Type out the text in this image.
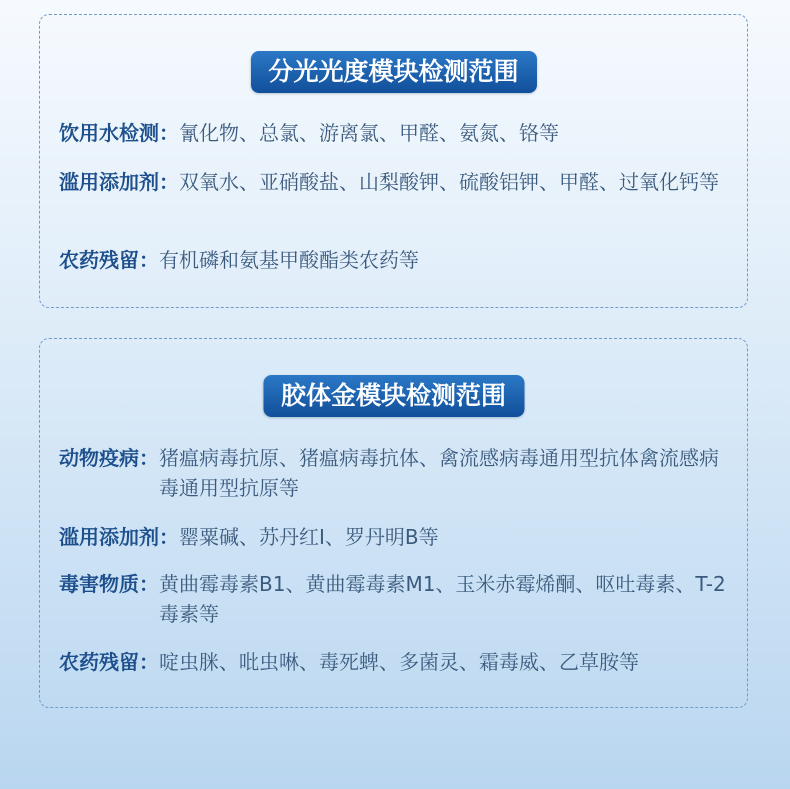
分光光度模块检测范围
饮用水检测： 氰化物、总氯、游离氯、甲醛、氨氮、铬等
滥用添加剂： 双氧水、亚硝酸盐、山梨酸钾、硫酸铝钾、甲醛、过氧化钙等
农药残留： 有机磷和氨基甲酸酯类农药等
胶体金模块检测范围
动物疫病： 猪瘟病毒抗原、猪瘟病毒抗体、禽流感病毒通用型抗体禽流感病毒通用型抗原等
滥用添加剂： 罂粟碱、苏丹红I、罗丹明B等
毒害物质： 黄曲霉毒素B1、黄曲霉毒素M1、玉米赤霉烯酮、呕吐毒素、T-2毒素等
农药残留： 啶虫脒、吡虫啉、毒死蜱、多菌灵、霜毒威、乙草胺等
